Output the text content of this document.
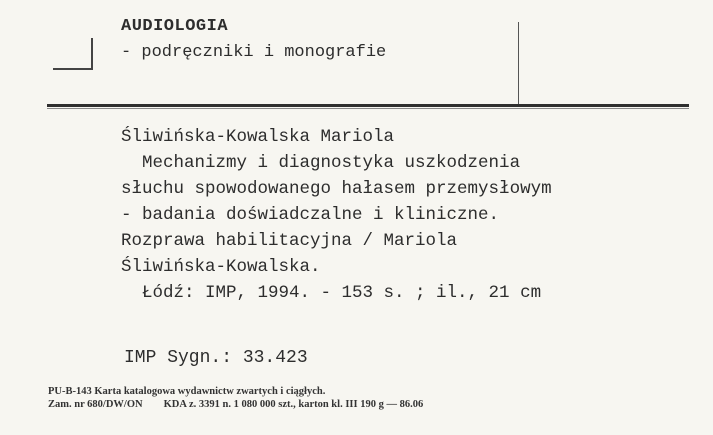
AUDIOLOGIA
- podręczniki i monografie
Śliwińska-Kowalska Mariola
Mechanizmy i diagnostyka uszkodzenia
słuchu spowodowanego hałasem przemysłowym
- badania doświadczalne i kliniczne.
Rozprawa habilitacyjna / Mariola
Śliwińska-Kowalska.
Łódź: IMP, 1994. - 153 s. ; il., 21 cm
IMP Sygn.: 33.423
PU-B-143 Karta katalogowa wydawnictw zwartych i ciągłych.
Zam. nr 680/DW/ON        KDA z. 3391 n. 1 080 000 szt., karton kl. III 190 g — 86.06
